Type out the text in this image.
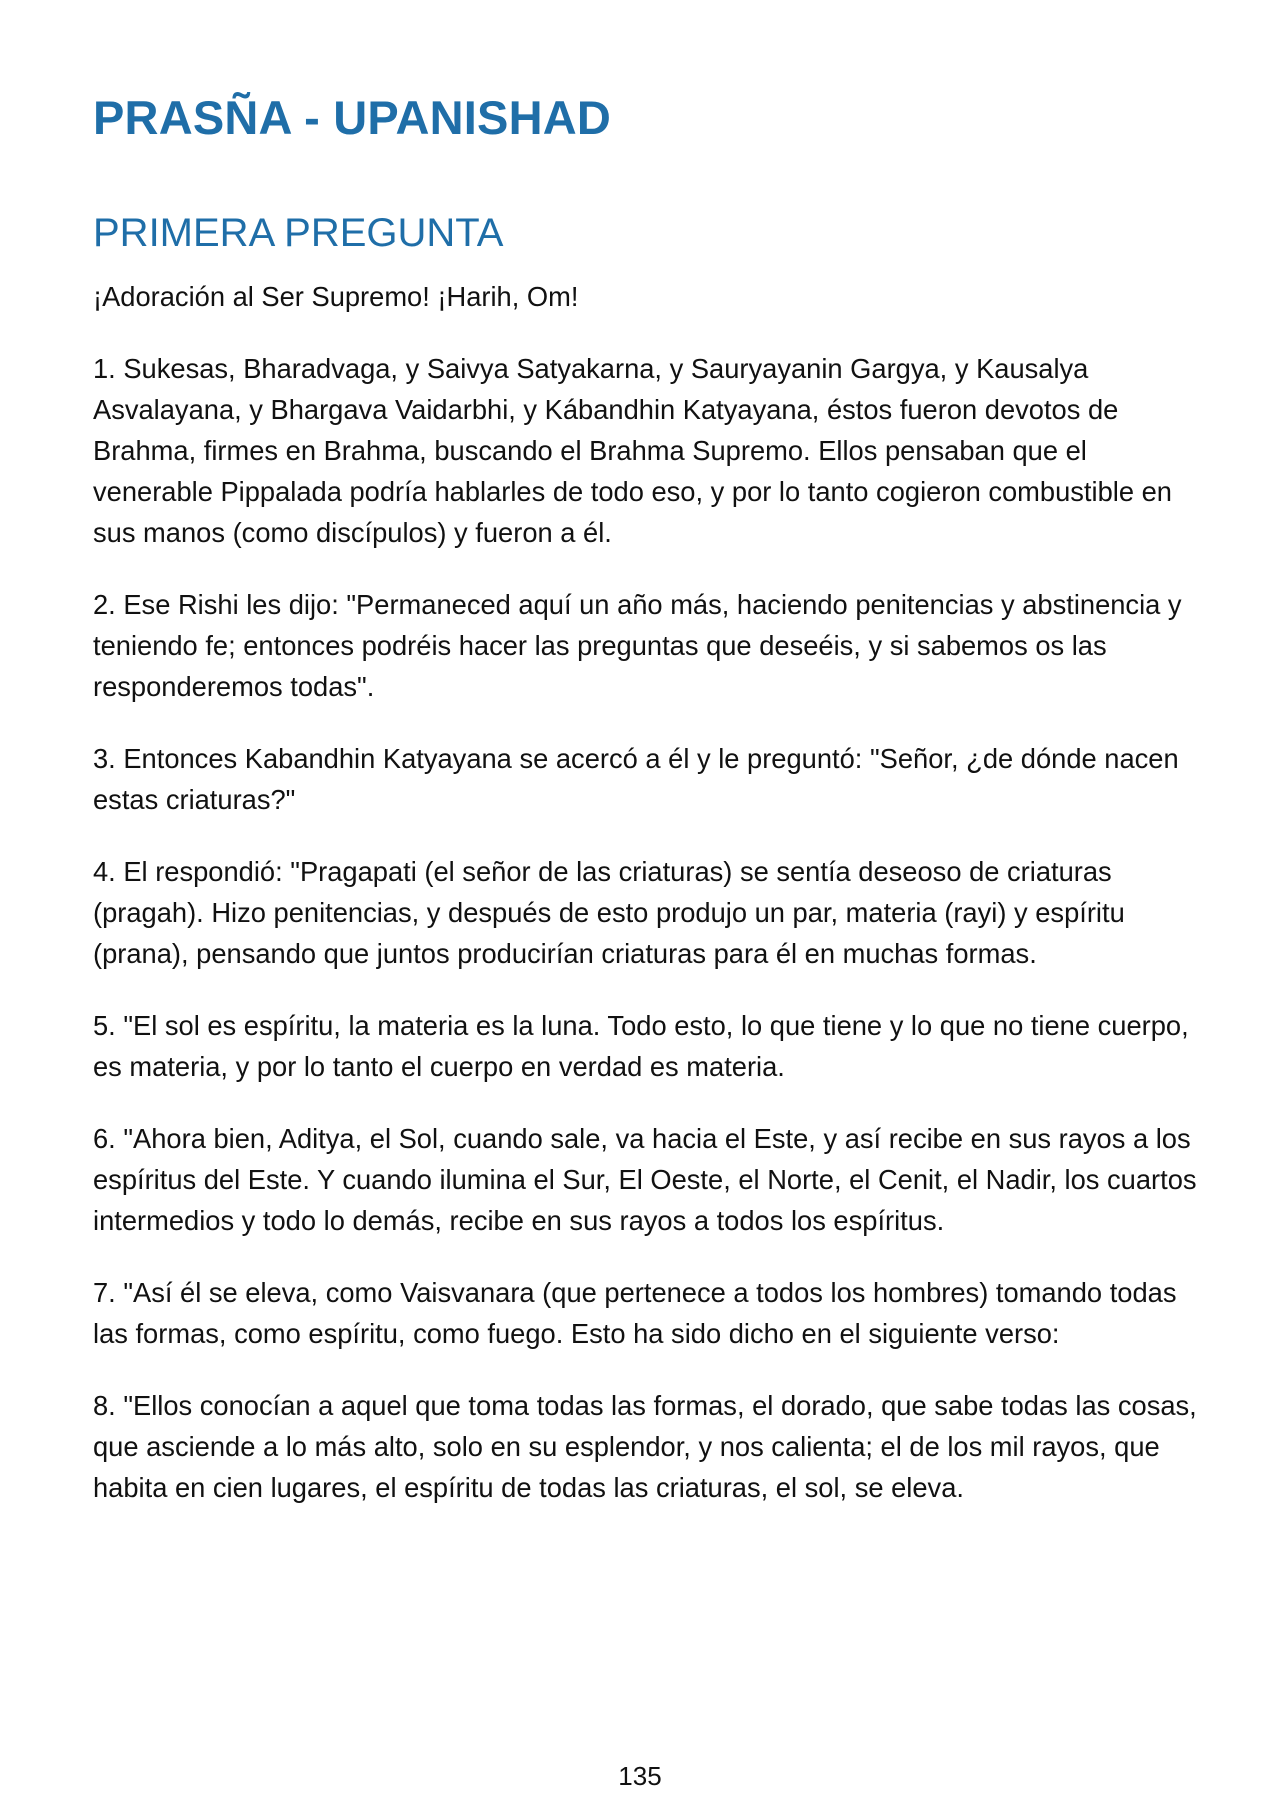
PRASÑA - UPANISHAD
PRIMERA PREGUNTA

¡Adoración al Ser Supremo! ¡Harih, Om!

1. Sukesas, Bharadvaga, y Saivya Satyakarna, y Sauryayanin Gargya, y Kausalya Asvalayana, y Bhargava Vaidarbhi, y Kábandhin Katyayana, éstos fueron devotos de Brahma, firmes en Brahma, buscando el Brahma Supremo. Ellos pensaban que el venerable Pippalada podría hablarles de todo eso, y por lo tanto cogieron combustible en sus manos (como discípulos) y fueron a él.

2. Ese Rishi les dijo: "Permaneced aquí un año más, haciendo penitencias y abstinencia y teniendo fe; entonces podréis hacer las preguntas que deseéis, y si sabemos os las responderemos todas".

3. Entonces Kabandhin Katyayana se acercó a él y le preguntó: "Señor, ¿de dónde nacen estas criaturas?"

4. El respondió: "Pragapati (el señor de las criaturas) se sentía deseoso de criaturas (pragah). Hizo penitencias, y después de esto produjo un par, materia (rayi) y espíritu (prana), pensando que juntos producirían criaturas para él en muchas formas.

5. "El sol es espíritu, la materia es la luna. Todo esto, lo que tiene y lo que no tiene cuerpo, es materia, y por lo tanto el cuerpo en verdad es materia.

6. "Ahora bien, Aditya, el Sol, cuando sale, va hacia el Este, y así recibe en sus rayos a los espíritus del Este. Y cuando ilumina el Sur, El Oeste, el Norte, el Cenit, el Nadir, los cuartos intermedios y todo lo demás, recibe en sus rayos a todos los espíritus.

7. "Así él se eleva, como Vaisvanara (que pertenece a todos los hombres) tomando todas las formas, como espíritu, como fuego. Esto ha sido dicho en el siguiente verso:

8. "Ellos conocían a aquel que toma todas las formas, el dorado, que sabe todas las cosas, que asciende a lo más alto, solo en su esplendor, y nos calienta; el de los mil rayos, que habita en cien lugares, el espíritu de todas las criaturas, el sol, se eleva.

135
